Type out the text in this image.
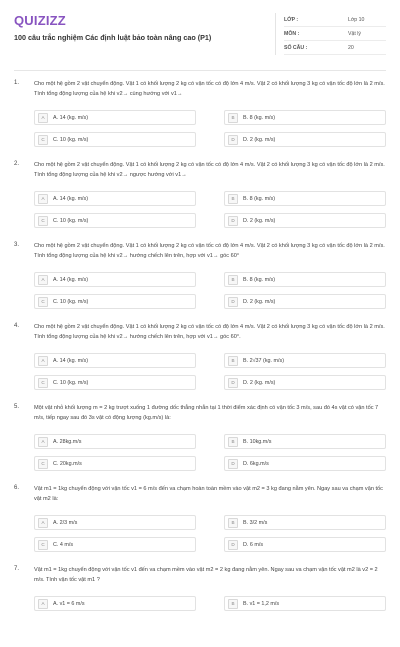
QUIZIZZ
100 câu trắc nghiệm Các định luật bảo toàn nâng cao (P1)
LỚP :	Lớp 10
MÔN :	Vật lý
SỐ CÂU :	20
1.	Cho một hệ gồm 2 vật chuyển động. Vật 1 có khối lượng 2 kg có vận tốc có độ lớn 4 m/s. Vật 2 có khối lượng 3 kg có vận tốc độ lớn là 2 m/s. Tính tổng động lượng của hệ khi v2→ cùng hướng với v1→
A	A. 14 (kg. m/s)	B	B. 8 (kg. m/s)
C	C. 10 (kg. m/s)	D	D. 2 (kg. m/s)
2.	Cho một hệ gồm 2 vật chuyển động. Vật 1 có khối lượng 2 kg có vận tốc có độ lớn 4 m/s. Vật 2 có khối lượng 3 kg có vận tốc độ lớn là 2 m/s. Tính tổng động lượng của hệ khi v2→ ngược hướng với v1→
A	A. 14 (kg. m/s)	B	B. 8 (kg. m/s)
C	C. 10 (kg. m/s)	D	D. 2 (kg. m/s)
3.	Cho một hệ gồm 2 vật chuyển động. Vật 1 có khối lượng 2 kg có vận tốc có độ lớn 4 m/s. Vật 2 có khối lượng 3 kg có vận tốc độ lớn là 2 m/s. Tính tổng động lượng của hệ khi v2→ hướng chếch lên trên, hợp với v1→ góc 60°
A	A. 14 (kg. m/s)	B	B. 8 (kg. m/s)
C	C. 10 (kg. m/s)	D	D. 2 (kg. m/s)
4.	Cho một hệ gồm 2 vật chuyển động. Vật 1 có khối lượng 2 kg có vận tốc có độ lớn 4 m/s. Vật 2 có khối lượng 3 kg có vận tốc độ lớn là 2 m/s. Tính tổng động lượng của hệ khi v2→ hướng chếch lên trên, hợp với v1→ góc 60°.
A	A. 14 (kg. m/s)	B	B. 2√37 (kg. m/s)
C	C. 10 (kg. m/s)	D	D. 2 (kg. m/s)
5.	Một vật nhỏ khối lượng m = 2 kg trượt xuống 1 đường dốc thẳng nhẵn tại 1 thời điểm xác định có vận tốc 3 m/s, sau đó 4s vật có vận tốc 7 m/s, tiếp ngay sau đó 3s vật có động lượng (kg.m/s) là:
A	A. 28kg.m/s	B	B. 10kg.m/s
C	C. 20kg.m/s	D	D. 6kg.m/s
6.	Vật m1 = 1kg chuyển động với vận tốc v1 = 6 m/s đến va chạm hoàn toàn mềm vào vật m2 = 3 kg đang nằm yên. Ngay sau va chạm vận tốc vật m2 là:
A	A. 2/3 m/s	B	B. 3/2 m/s
C	C. 4 m/s	D	D. 6 m/s
7.	Vật m1 = 1kg chuyển động với vận tốc v1 đến va chạm mềm vào vật m2 = 2 kg đang nằm yên. Ngay sau va chạm vận tốc vật m2 là v2 = 2 m/s. Tính vận tốc vật m1 ?
A	A. v1 = 6 m/s	B	B. v1 = 1,2 m/s
